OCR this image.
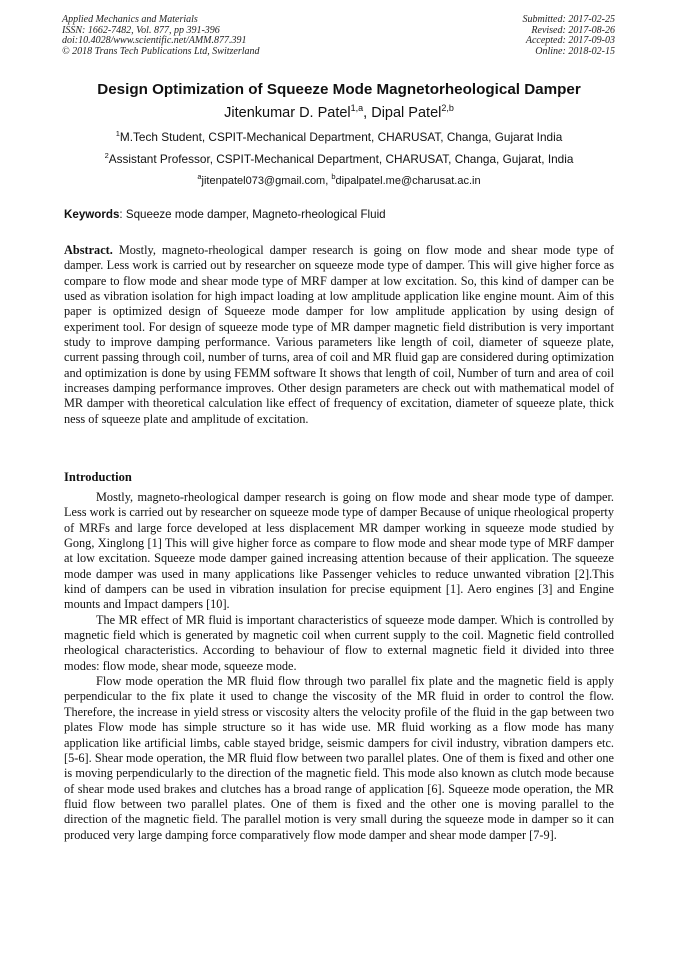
Applied Mechanics and Materials
ISSN: 1662-7482, Vol. 877, pp 391-396
doi:10.4028/www.scientific.net/AMM.877.391
© 2018 Trans Tech Publications Ltd, Switzerland
Submitted: 2017-02-25
Revised: 2017-08-26
Accepted: 2017-09-03
Online: 2018-02-15
Design Optimization of Squeeze Mode Magnetorheological Damper
Jitenkumar D. Patel$^{1,a}$, Dipal Patel$^{2,b}$
$^1$M.Tech Student, CSPIT-Mechanical Department, CHARUSAT, Changa, Gujarat India
$^2$Assistant Professor, CSPIT-Mechanical Department, CHARUSAT, Changa, Gujarat, India
$^a$jitenpatel073@gmail.com, $^b$dipalpatel.me@charusat.ac.in
Keywords: Squeeze mode damper, Magneto-rheological Fluid
Abstract. Mostly, magneto-rheological damper research is going on flow mode and shear mode type of damper. Less work is carried out by researcher on squeeze mode type of damper. This will give higher force as compare to flow mode and shear mode type of MRF damper at low excitation. So, this kind of damper can be used as vibration isolation for high impact loading at low amplitude application like engine mount. Aim of this paper is optimized design of Squeeze mode damper for low amplitude application by using design of experiment tool. For design of squeeze mode type of MR damper magnetic field distribution is very important study to improve damping performance. Various parameters like length of coil, diameter of squeeze plate, current passing through coil, number of turns, area of coil and MR fluid gap are considered during optimization and optimization is done by using FEMM software It shows that length of coil, Number of turn and area of coil increases damping performance improves. Other design parameters are check out with mathematical model of MR damper with theoretical calculation like effect of frequency of excitation, diameter of squeeze plate, thick ness of squeeze plate and amplitude of excitation.
Introduction

Mostly, magneto-rheological damper research is going on flow mode and shear mode type of damper. Less work is carried out by researcher on squeeze mode type of damper Because of unique rheological property of MRFs and large force developed at less displacement MR damper working in squeeze mode studied by Gong, Xinglong [1] This will give higher force as compare to flow mode and shear mode type of MRF damper at low excitation. Squeeze mode damper gained increasing attention because of their application. The squeeze mode damper was used in many applications like Passenger vehicles to reduce unwanted vibration [2].This kind of dampers can be used in vibration insulation for precise equipment [1]. Aero engines [3] and Engine mounts and Impact dampers [10].

The MR effect of MR fluid is important characteristics of squeeze mode damper. Which is controlled by magnetic field which is generated by magnetic coil when current supply to the coil. Magnetic field controlled rheological characteristics. According to behaviour of flow to external magnetic field it divided into three modes: flow mode, shear mode, squeeze mode.

Flow mode operation the MR fluid flow through two parallel fix plate and the magnetic field is apply perpendicular to the fix plate it used to change the viscosity of the MR fluid in order to control the flow. Therefore, the increase in yield stress or viscosity alters the velocity profile of the fluid in the gap between two plates Flow mode has simple structure so it has wide use. MR fluid working as a flow mode has many application like artificial limbs, cable stayed bridge, seismic dampers for civil industry, vibration dampers etc. [5-6]. Shear mode operation, the MR fluid flow between two parallel plates. One of them is fixed and other one is moving perpendicularly to the direction of the magnetic field. This mode also known as clutch mode because of shear mode used brakes and clutches has a broad range of application [6]. Squeeze mode operation, the MR fluid flow between two parallel plates. One of them is fixed and the other one is moving parallel to the direction of the magnetic field. The parallel motion is very small during the squeeze mode in damper so it can produced very large damping force comparatively flow mode damper and shear mode damper [7-9].
